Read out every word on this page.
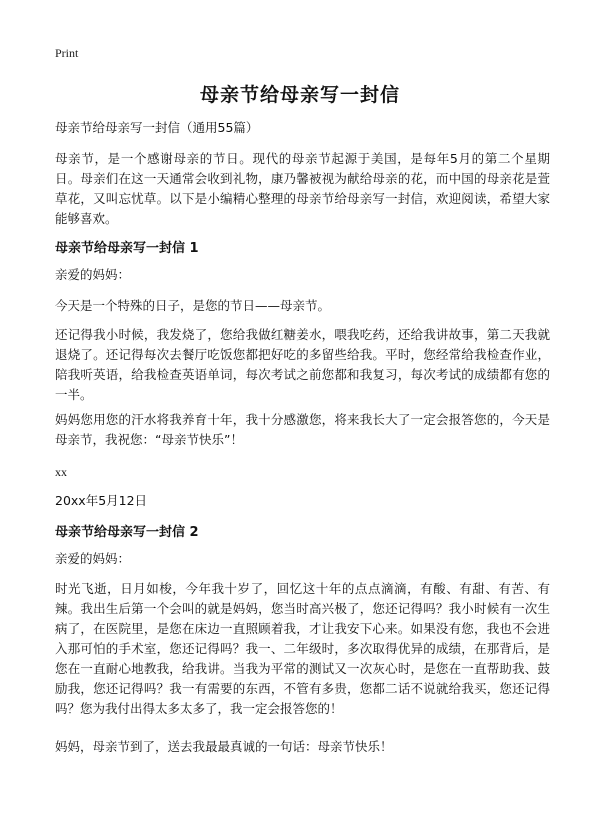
Print
母亲节给母亲写一封信

母亲节给母亲写一封信（通用55篇）

母亲节，是一个感谢母亲的节日。现代的母亲节起源于美国，是每年5月的第二个星期日。母亲们在这一天通常会收到礼物，康乃馨被视为献给母亲的花，而中国的母亲花是萱草花，又叫忘忧草。以下是小编精心整理的母亲节给母亲写一封信，欢迎阅读，希望大家能够喜欢。

母亲节给母亲写一封信 1

亲爱的妈妈：

今天是一个特殊的日子，是您的节日——母亲节。

还记得我小时候，我发烧了，您给我做红糖姜水，喂我吃药，还给我讲故事，第二天我就退烧了。还记得每次去餐厅吃饭您都把好吃的多留些给我。平时，您经常给我检查作业，陪我听英语，给我检查英语单词，每次考试之前您都和我复习，每次考试的成绩都有您的一半。

妈妈您用您的汗水将我养育十年，我十分感激您，将来我长大了一定会报答您的，今天是母亲节，我祝您：“母亲节快乐”！

xx
20xx年5月12日
母亲节给母亲写一封信 2

亲爱的妈妈：

时光飞逝，日月如梭，今年我十岁了，回忆这十年的点点滴滴，有酸、有甜、有苦、有辣。我出生后第一个会叫的就是妈妈，您当时高兴极了，您还记得吗？我小时候有一次生病了，在医院里，是您在床边一直照顾着我，才让我安下心来。如果没有您，我也不会进入那可怕的手术室，您还记得吗？我一、二年级时，多次取得优异的成绩，在那背后，是您在一直耐心地教我，给我讲。当我为平常的测试又一次灰心时，是您在一直帮助我、鼓励我，您还记得吗？我一有需要的东西，不管有多贵，您都二话不说就给我买，您还记得吗？您为我付出得太多太多了，我一定会报答您的！

妈妈，母亲节到了，送去我最最真诚的一句话：母亲节快乐！
